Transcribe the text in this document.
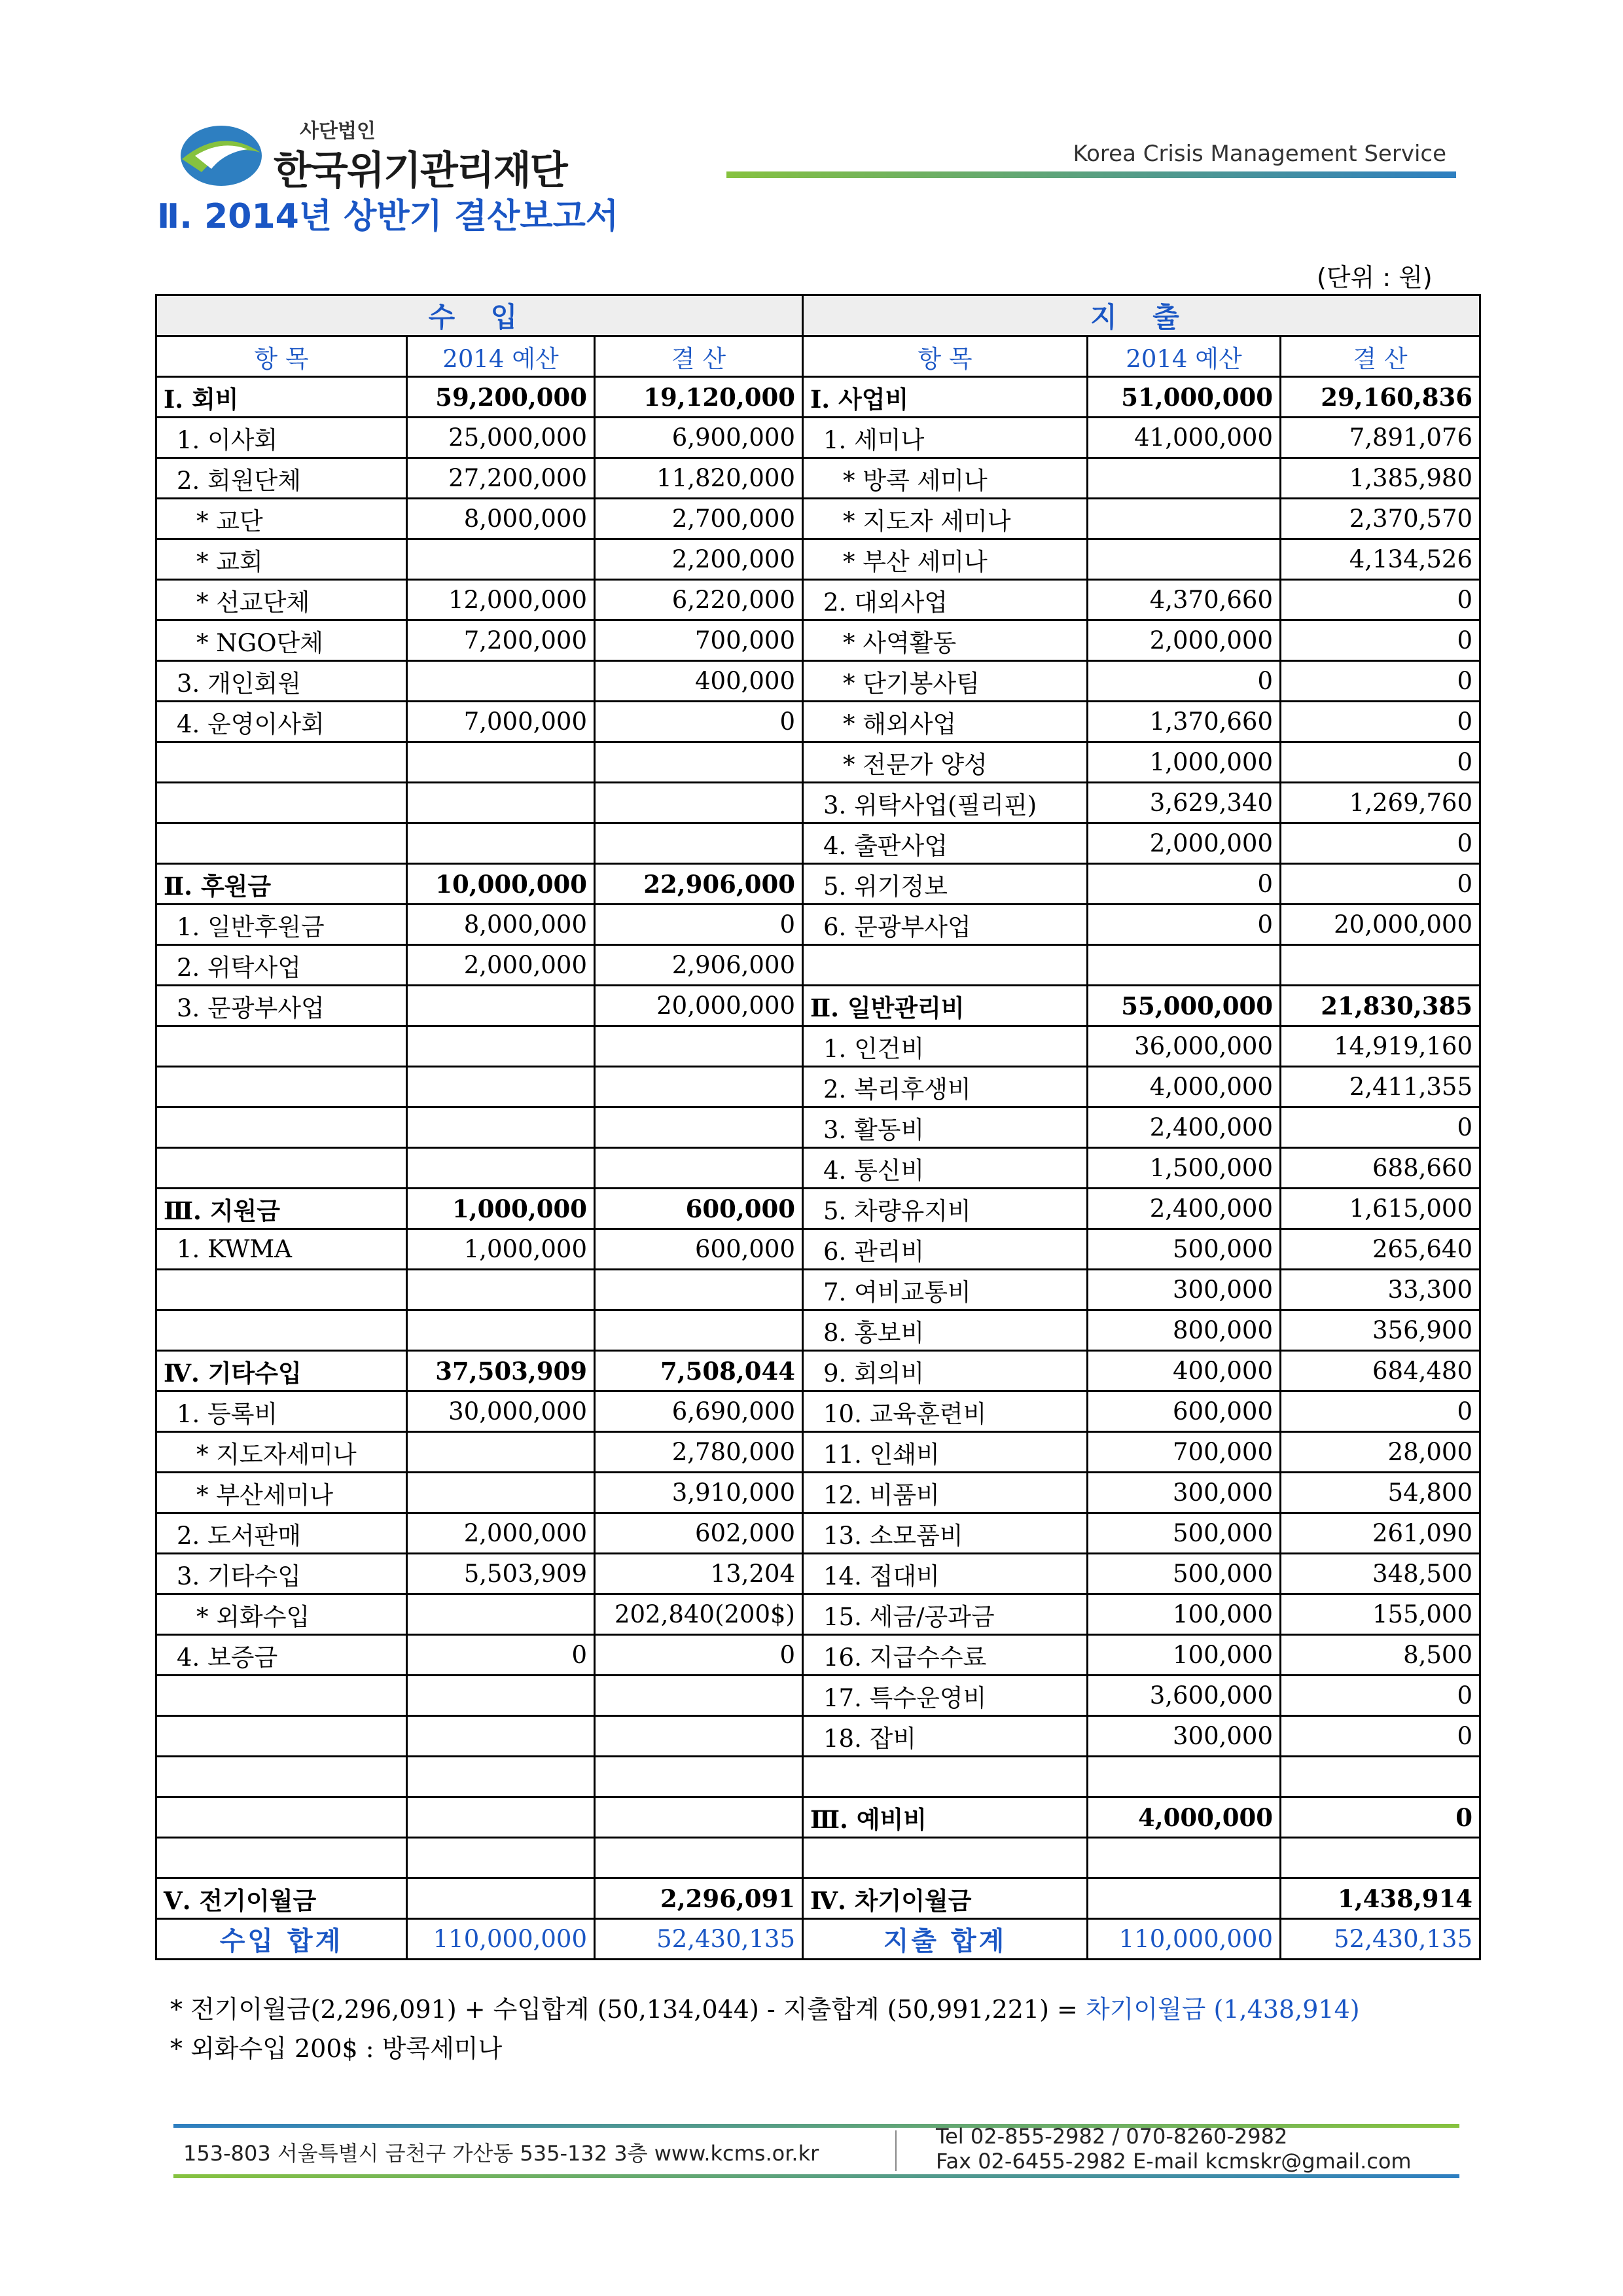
사단법인
한국위기관리재단	Korea Crisis Management Service
Ⅱ. 2014년 상반기 결산보고서
(단위 : 원)
수 입			지 출		
항 목	2014 예산	결 산	항 목	2014 예산	결 산
Ⅰ. 회비	59,200,000	19,120,000	Ⅰ. 사업비	51,000,000	29,160,836
1. 이사회	25,000,000	6,900,000	1. 세미나	41,000,000	7,891,076
2. 회원단체	27,200,000	11,820,000	* 방콕 세미나		1,385,980
* 교단	8,000,000	2,700,000	* 지도자 세미나		2,370,570
* 교회		2,200,000	* 부산 세미나		4,134,526
* 선교단체	12,000,000	6,220,000	2. 대외사업	4,370,660	0
* NGO단체	7,200,000	700,000	* 사역활동	2,000,000	0
3. 개인회원		400,000	* 단기봉사팀	0	0
4. 운영이사회	7,000,000	0	* 해외사업	1,370,660	0
			* 전문가 양성	1,000,000	0
			3. 위탁사업(필리핀)	3,629,340	1,269,760
			4. 출판사업	2,000,000	0
Ⅱ. 후원금	10,000,000	22,906,000	5. 위기정보	0	0
1. 일반후원금	8,000,000	0	6. 문광부사업	0	20,000,000
2. 위탁사업	2,000,000	2,906,000			
3. 문광부사업		20,000,000	Ⅱ. 일반관리비	55,000,000	21,830,385
			1. 인건비	36,000,000	14,919,160
			2. 복리후생비	4,000,000	2,411,355
			3. 활동비	2,400,000	0
			4. 통신비	1,500,000	688,660
Ⅲ. 지원금	1,000,000	600,000	5. 차량유지비	2,400,000	1,615,000
1. KWMA	1,000,000	600,000	6. 관리비	500,000	265,640
			7. 여비교통비	300,000	33,300
			8. 홍보비	800,000	356,900
Ⅳ. 기타수입	37,503,909	7,508,044	9. 회의비	400,000	684,480
1. 등록비	30,000,000	6,690,000	10. 교육훈련비	600,000	0
* 지도자세미나		2,780,000	11. 인쇄비	700,000	28,000
* 부산세미나		3,910,000	12. 비품비	300,000	54,800
2. 도서판매	2,000,000	602,000	13. 소모품비	500,000	261,090
3. 기타수입	5,503,909	13,204	14. 접대비	500,000	348,500
* 외화수입		202,840(200$)	15. 세금/공과금	100,000	155,000
4. 보증금	0	0	16. 지급수수료	100,000	8,500
			17. 특수운영비	3,600,000	0
			18. 잡비	300,000	0

			Ⅲ. 예비비	4,000,000	0

Ⅴ. 전기이월금		2,296,091	Ⅳ. 차기이월금		1,438,914
수입 합계	110,000,000	52,430,135	지출 합계	110,000,000	52,430,135
* 전기이월금(2,296,091) + 수입합계 (50,134,044) - 지출합계 (50,991,221) = 차기이월금 (1,438,914)
* 외화수입 200$ : 방콕세미나
153-803 서울특별시 금천구 가산동 535-132 3층 www.kcms.or.kr
Tel 02-855-2982 / 070-8260-2982
Fax 02-6455-2982 E-mail kcmskr@gmail.com
